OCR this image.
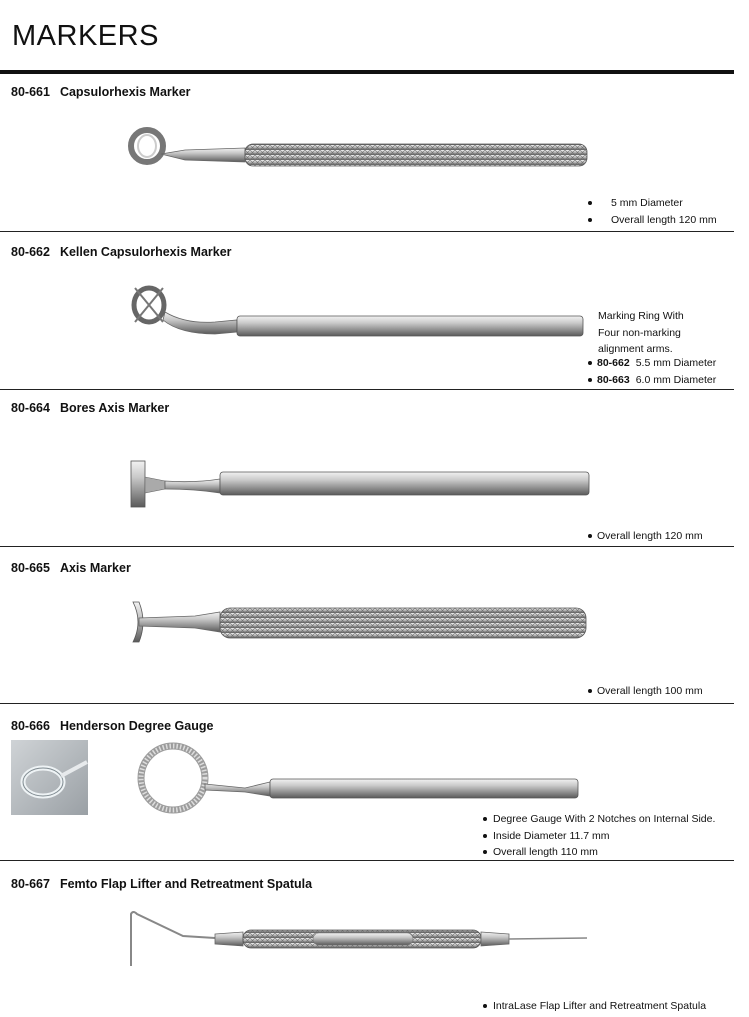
MARKERS
80-661 Capsulorhexis Marker
5 mm Diameter
Overall length 120 mm
80-662 Kellen Capsulorhexis Marker
Marking Ring With
Four non-marking
alignment arms.
80-662 5.5 mm Diameter
80-663 6.0 mm Diameter
80-664 Bores Axis Marker
Overall length 120 mm
80-665 Axis Marker
Overall length 100 mm
80-666 Henderson Degree Gauge
Degree Gauge With 2 Notches on Internal Side.
Inside Diameter 11.7 mm
Overall length 110 mm
80-667 Femto Flap Lifter and Retreatment Spatula
IntraLase Flap Lifter and Retreatment Spatula
